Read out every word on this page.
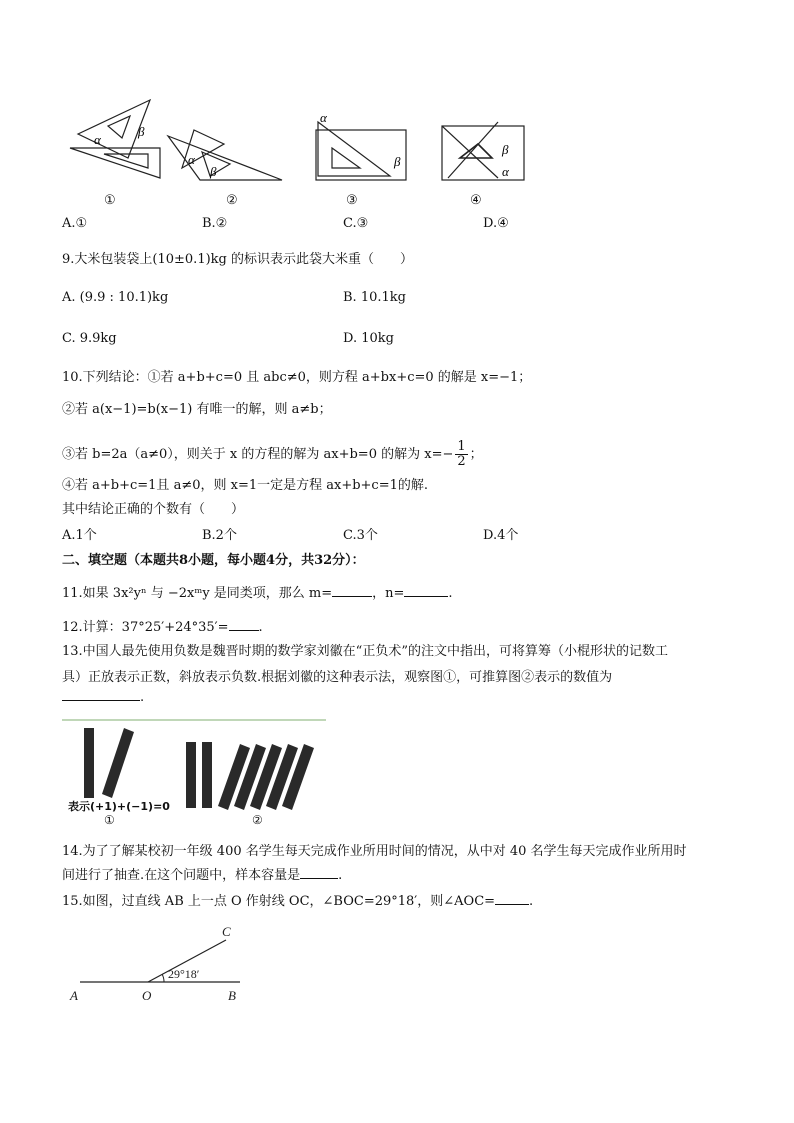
α
β
α
β
α
β
β
α
①	②	③	④
A.①	B.②	C.③	D.④
9.大米包装袋上(10±0.1)kg 的标识表示此袋大米重（　　）
A. (9.9 : 10.1)kg	B. 10.1kg
C. 9.9kg	D. 10kg
10.下列结论：①若 a+b+c=0 且 abc≠0，则方程 a+bx+c=0 的解是 x=−1；
②若 a(x−1)=b(x−1) 有唯一的解，则 a≠b；
③若 b=2a（a≠0），则关于 x 的方程的解为 ax+b=0 的解为 $x=- \frac{1}{2}$ ；
④若 a+b+c=1且 a≠0，则 x=1一定是方程 ax+b+c=1的解.
其中结论正确的个数有（　　）
A.1个	B.2个	C.3个	D.4个
二、填空题（本题共8小题，每小题4分，共32分）：
11.如果 3x²yⁿ 与 −2xᵐy 是同类项，那么 m=	，n=	.
12.计算：37°25′+24°35′= .
13.中国人最先使用负数是魏晋时期的数学家刘徽在“正负术”的注文中指出，可将算筹（小棍形状的记数工
具）正放表示正数，斜放表示负数.根据刘徽的这种表示法，观察图①，可推算图②表示的数值为
.
表示(+1)+(−1)=0
①	②
14.为了了解某校初一年级 400 名学生每天完成作业所用时间的情况，从中对 40 名学生每天完成作业所用时
间进行了抽查.在这个问题中，样本容量是	.
15.如图，过直线 AB 上一点 O 作射线 OC，∠BOC=29°18′，则∠AOC=	.
A	O	B
C
29°18′
